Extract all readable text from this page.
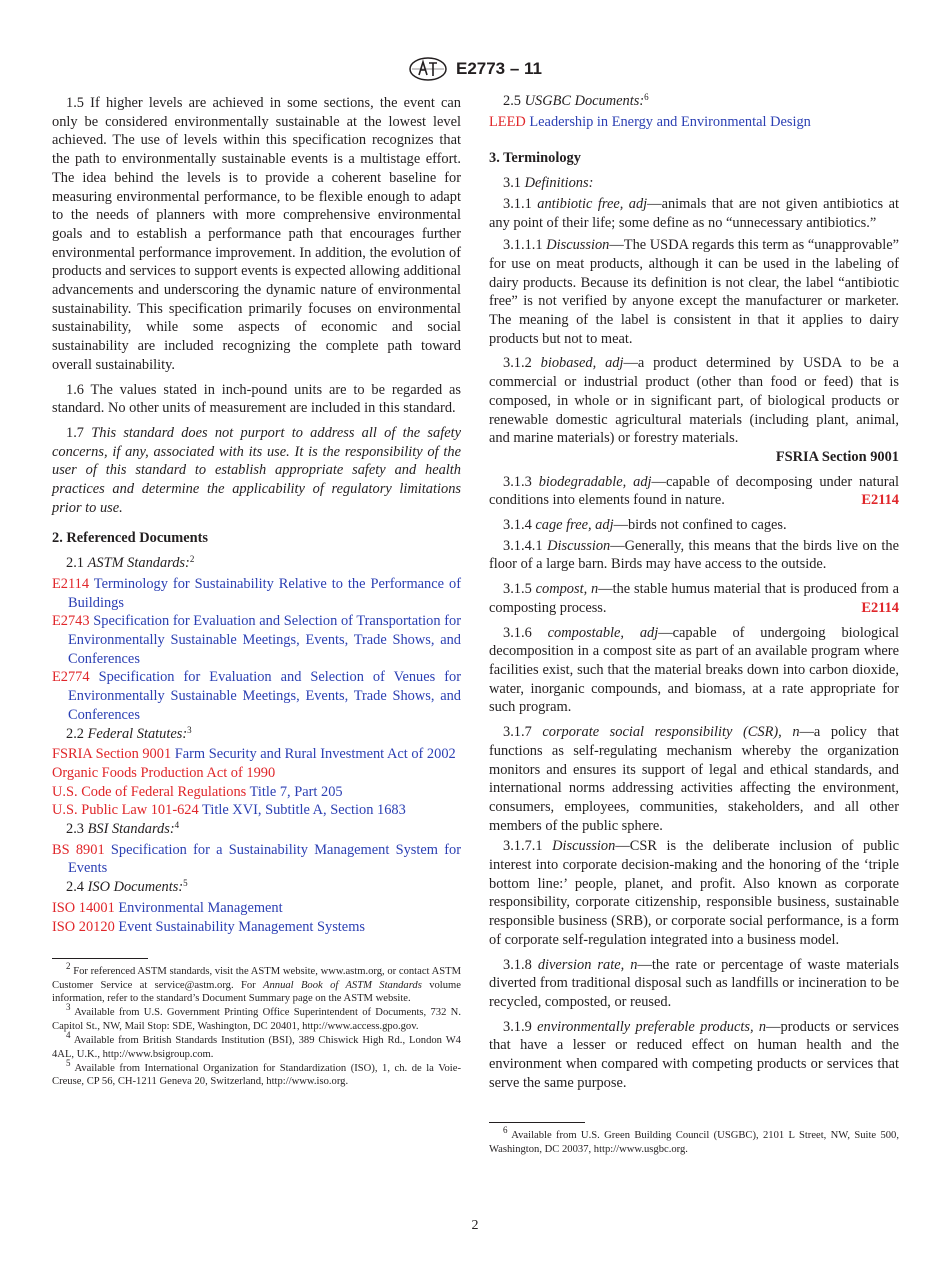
E2773 – 11

1.5 If higher levels are achieved in some sections, the event can only be considered environmentally sustainable at the lowest level achieved. The use of levels within this specification recognizes that the path to environmentally sustainable events is a multistage effort. The idea behind the levels is to provide a coherent baseline for measuring environmental performance, to be flexible enough to adapt to the needs of planners with more comprehensive environmental goals and to establish a performance path that encourages further environmental performance improvement. In addition, the evolution of products and services to support events is expected allowing additional advancements and underscoring the dynamic nature of environmental sustainability. This specification primarily focuses on environmental sustainability, while some aspects of economic and social sustainability are included recognizing the complete path toward overall sustainability.

1.6 The values stated in inch-pound units are to be regarded as standard. No other units of measurement are included in this standard.

1.7 This standard does not purport to address all of the safety concerns, if any, associated with its use. It is the responsibility of the user of this standard to establish appropriate safety and health practices and determine the applicability of regulatory limitations prior to use.

2. Referenced Documents

2.1 ASTM Standards:$^2$

E2114 Terminology for Sustainability Relative to the Performance of Buildings

E2743 Specification for Evaluation and Selection of Transportation for Environmentally Sustainable Meetings, Events, Trade Shows, and Conferences

E2774 Specification for Evaluation and Selection of Venues for Environmentally Sustainable Meetings, Events, Trade Shows, and Conferences

2.2 Federal Statutes:$^3$

FSRIA Section 9001 Farm Security and Rural Investment Act of 2002

Organic Foods Production Act of 1990

U.S. Code of Federal Regulations Title 7, Part 205

U.S. Public Law 101-624 Title XVI, Subtitle A, Section 1683

2.3 BSI Standards:$^4$

BS 8901 Specification for a Sustainability Management System for Events

2.4 ISO Documents:$^5$

ISO 14001 Environmental Management

ISO 20120 Event Sustainability Management Systems

$^2$ For referenced ASTM standards, visit the ASTM website, www.astm.org, or contact ASTM Customer Service at service@astm.org. For Annual Book of ASTM Standards volume information, refer to the standard’s Document Summary page on the ASTM website.

$^3$ Available from U.S. Government Printing Office Superintendent of Documents, 732 N. Capitol St., NW, Mail Stop: SDE, Washington, DC 20401, http://www.access.gpo.gov.

$^4$ Available from British Standards Institution (BSI), 389 Chiswick High Rd., London W4 4AL, U.K., http://www.bsigroup.com.

$^5$ Available from International Organization for Standardization (ISO), 1, ch. de la Voie-Creuse, CP 56, CH-1211 Geneva 20, Switzerland, http://www.iso.org.

2.5 USGBC Documents:$^6$

LEED Leadership in Energy and Environmental Design

3. Terminology

3.1 Definitions:

3.1.1 antibiotic free, adj—animals that are not given antibiotics at any point of their life; some define as no “unnecessary antibiotics.”

3.1.1.1 Discussion—The USDA regards this term as “unapprovable” for use on meat products, although it can be used in the labeling of dairy products. Because its definition is not clear, the label “antibiotic free” is not verified by anyone except the manufacturer or marketer. The meaning of the label is consistent in that it applies to dairy products but not to meat.

3.1.2 biobased, adj—a product determined by USDA to be a commercial or industrial product (other than food or feed) that is composed, in whole or in significant part, of biological products or renewable domestic agricultural materials (including plant, animal, and marine materials) or forestry materials.

FSRIA Section 9001

3.1.3 biodegradable, adj—capable of decomposing under natural conditions into elements found in nature.	E2114

3.1.4 cage free, adj—birds not confined to cages.

3.1.4.1 Discussion—Generally, this means that the birds live on the floor of a large barn. Birds may have access to the outside.

3.1.5 compost, n—the stable humus material that is produced from a composting process.	E2114

3.1.6 compostable, adj—capable of undergoing biological decomposition in a compost site as part of an available program where facilities exist, such that the material breaks down into carbon dioxide, water, inorganic compounds, and biomass, at a rate appropriate for such program.

3.1.7 corporate social responsibility (CSR), n—a policy that functions as self-regulating mechanism whereby the organization monitors and ensures its support of legal and ethical standards, and international norms addressing activities affecting the environment, consumers, employees, communities, stakeholders, and all other members of the public sphere.

3.1.7.1 Discussion—CSR is the deliberate inclusion of public interest into corporate decision-making and the honoring of the ‘triple bottom line:’ people, planet, and profit. Also known as corporate responsibility, corporate citizenship, responsible business, sustainable responsible business (SRB), or corporate social performance, is a form of corporate self-regulation integrated into a business model.

3.1.8 diversion rate, n—the rate or percentage of waste materials diverted from traditional disposal such as landfills or incineration to be recycled, composted, or reused.

3.1.9 environmentally preferable products, n—products or services that have a lesser or reduced effect on human health and the environment when compared with competing products or services that serve the same purpose.

$^6$ Available from U.S. Green Building Council (USGBC), 2101 L Street, NW, Suite 500, Washington, DC 20037, http://www.usgbc.org.

2
